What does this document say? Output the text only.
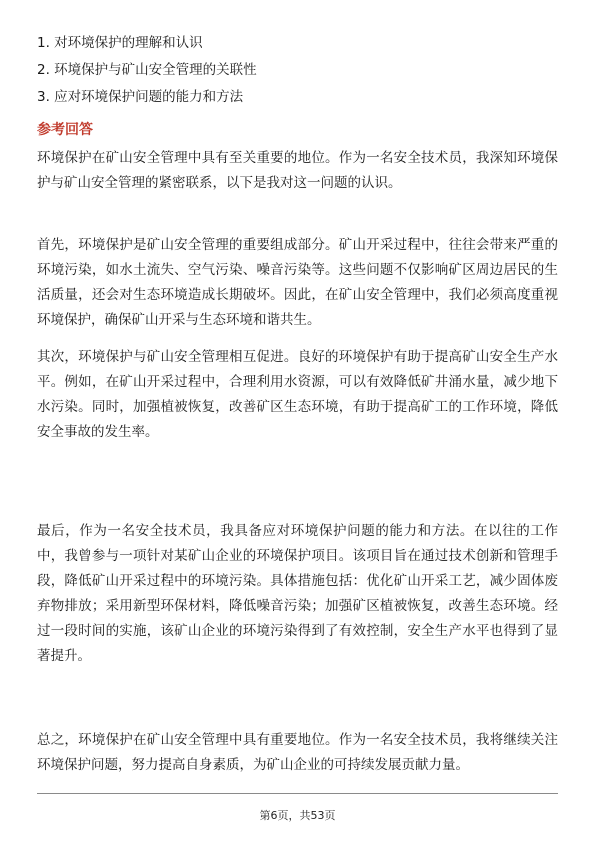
1. 对环境保护的理解和认识
2. 环境保护与矿山安全管理的关联性
3. 应对环境保护问题的能力和方法
参考回答

环境保护在矿山安全管理中具有至关重要的地位。作为一名安全技术员，我深知环境保护与矿山安全管理的紧密联系，以下是我对这一问题的认识。

首先，环境保护是矿山安全管理的重要组成部分。矿山开采过程中，往往会带来严重的环境污染，如水土流失、空气污染、噪音污染等。这些问题不仅影响矿区周边居民的生活质量，还会对生态环境造成长期破坏。因此，在矿山安全管理中，我们必须高度重视环境保护，确保矿山开采与生态环境和谐共生。

其次，环境保护与矿山安全管理相互促进。良好的环境保护有助于提高矿山安全生产水平。例如，在矿山开采过程中，合理利用水资源，可以有效降低矿井涌水量，减少地下水污染。同时，加强植被恢复，改善矿区生态环境，有助于提高矿工的工作环境，降低安全事故的发生率。

最后，作为一名安全技术员，我具备应对环境保护问题的能力和方法。在以往的工作中，我曾参与一项针对某矿山企业的环境保护项目。该项目旨在通过技术创新和管理手段，降低矿山开采过程中的环境污染。具体措施包括：优化矿山开采工艺，减少固体废弃物排放；采用新型环保材料，降低噪音污染；加强矿区植被恢复，改善生态环境。经过一段时间的实施，该矿山企业的环境污染得到了有效控制，安全生产水平也得到了显著提升。

总之，环境保护在矿山安全管理中具有重要地位。作为一名安全技术员，我将继续关注环境保护问题，努力提高自身素质，为矿山企业的可持续发展贡献力量。

第6页，共53页
